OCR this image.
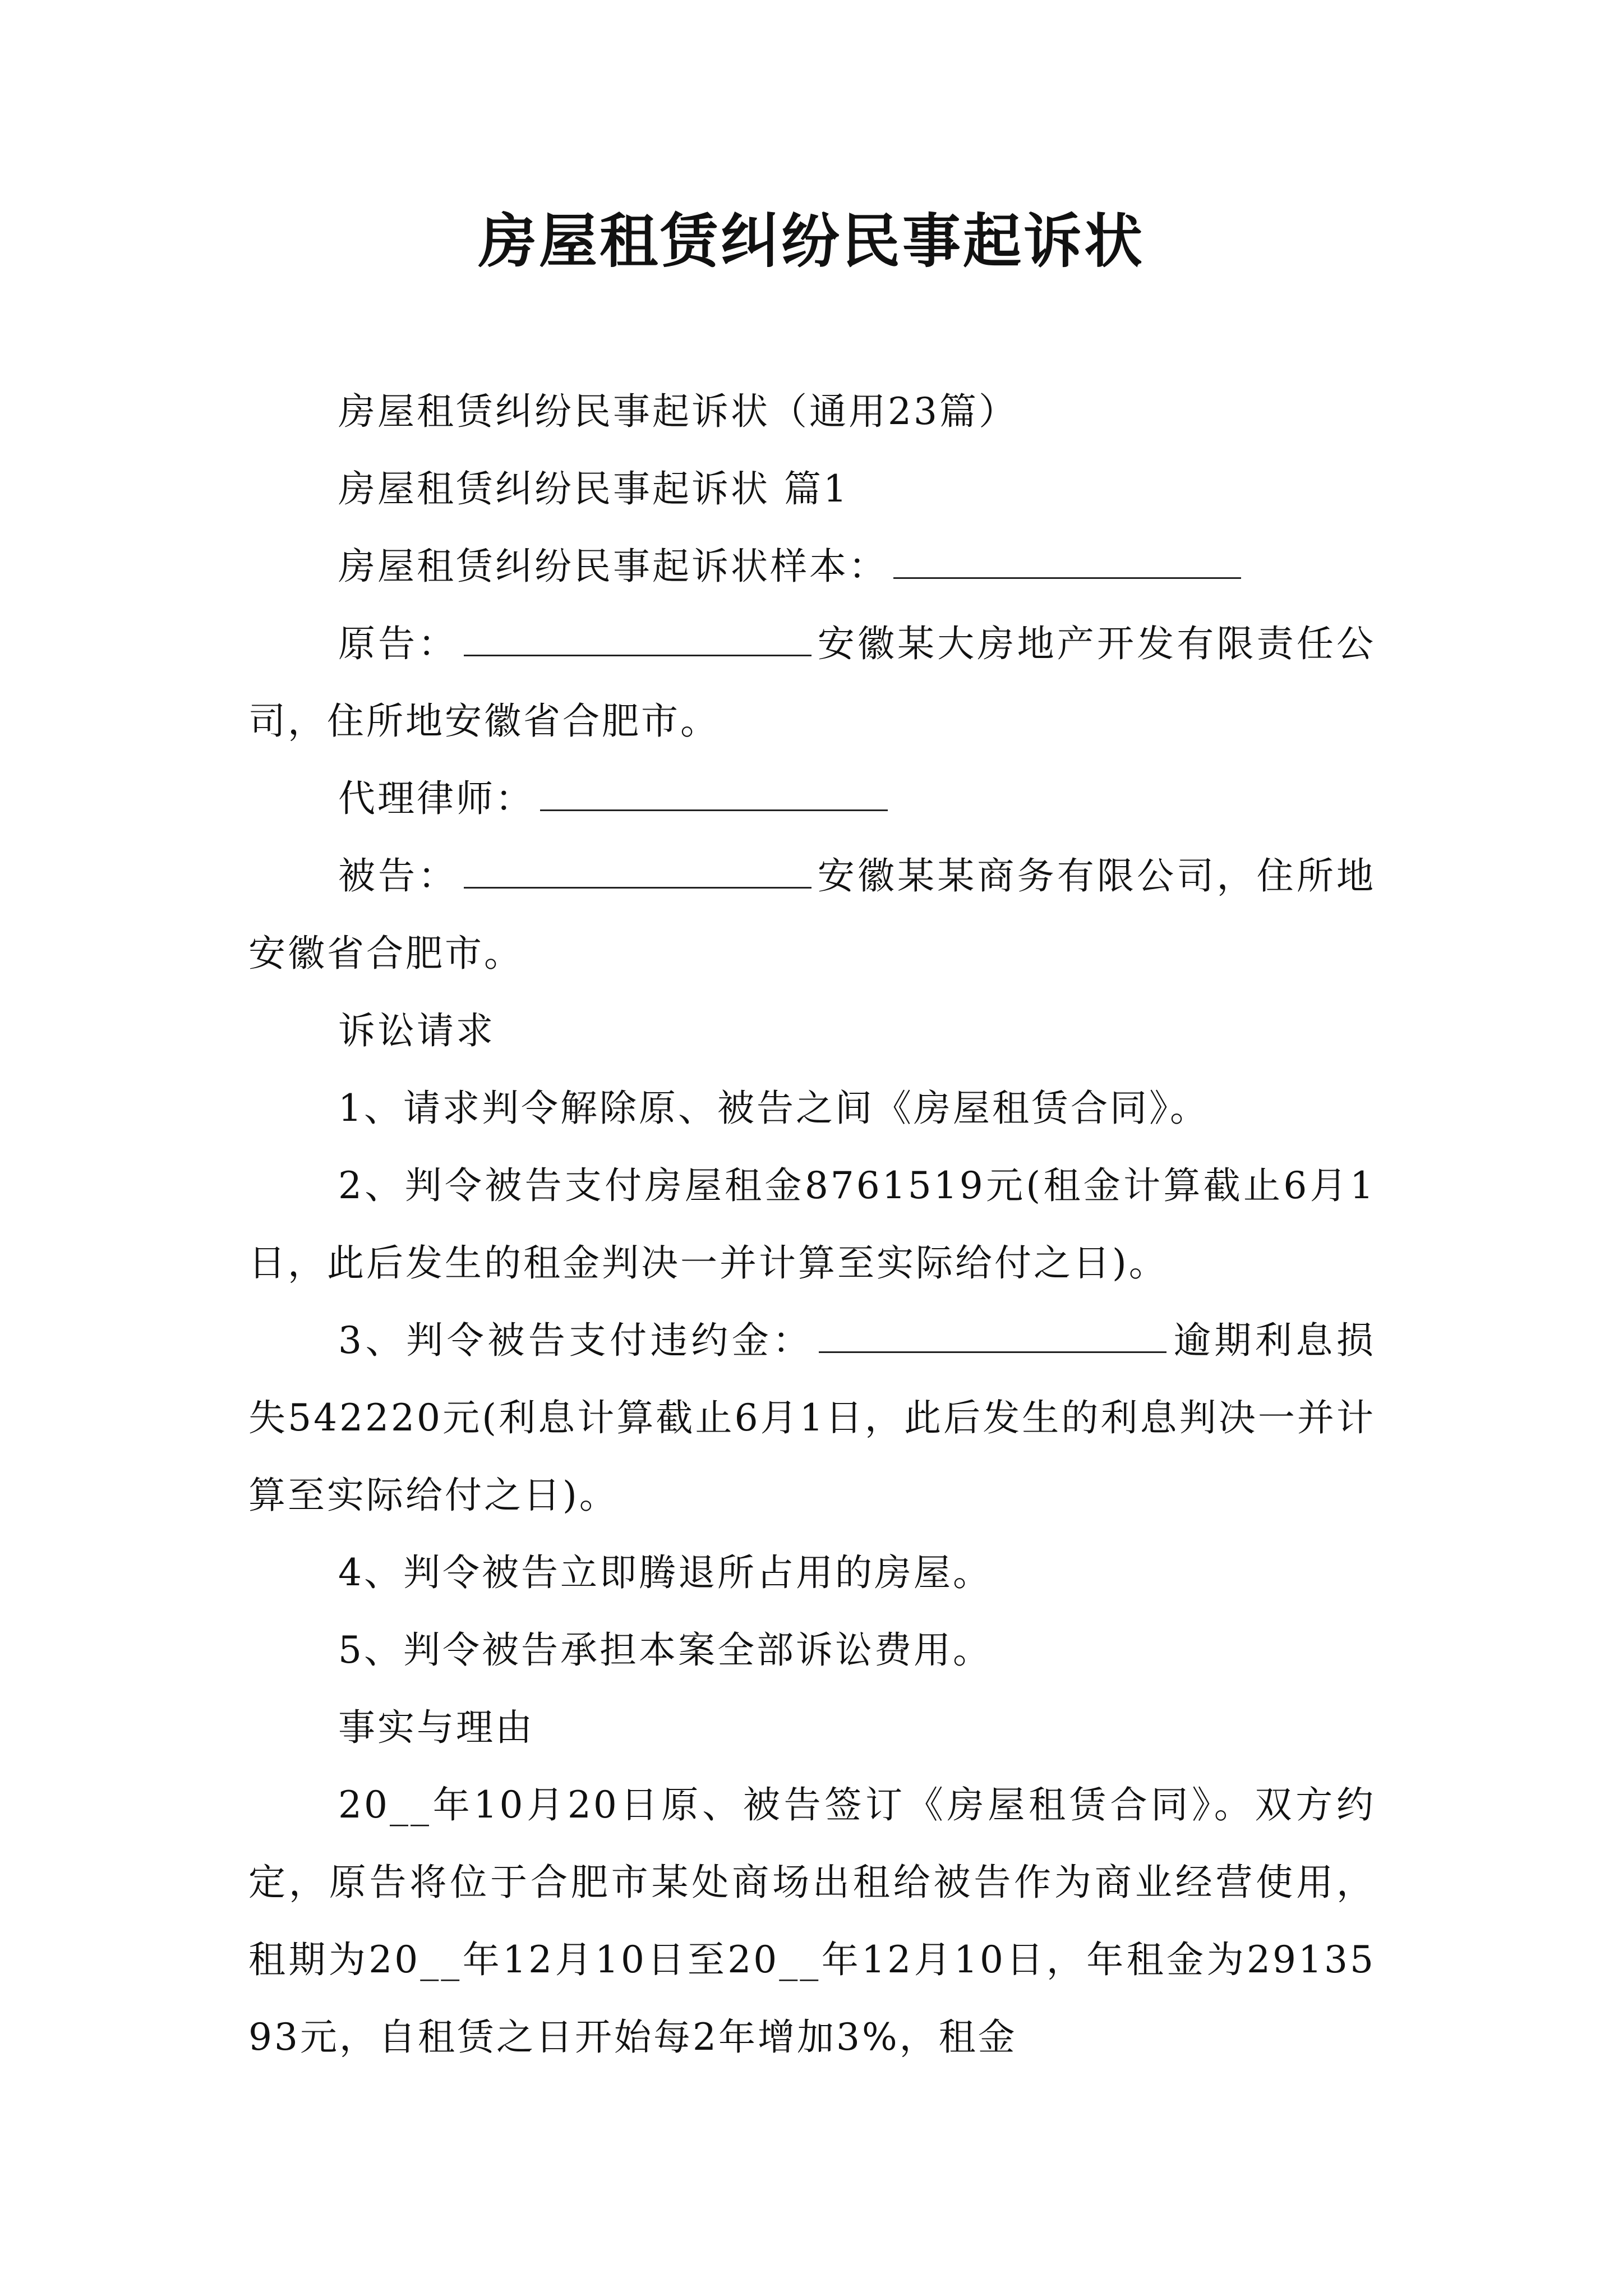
房屋租赁纠纷民事起诉状

房屋租赁纠纷民事起诉状（通用23篇）

房屋租赁纠纷民事起诉状 篇1

房屋租赁纠纷民事起诉状样本：

原告：	安徽某大房地产开发有限责任公司，住所地安徽省合肥市。

代理律师：

被告：	安徽某某商务有限公司，住所地安徽省合肥市。

诉讼请求

1、请求判令解除原、被告之间《房屋租赁合同》。

2、判令被告支付房屋租金8761519元(租金计算截止6月1日，此后发生的租金判决一并计算至实际给付之日)。

3、判令被告支付违约金：	逾期利息损失542220元(利息计算截止6月1日，此后发生的利息判决一并计算至实际给付之日)。

4、判令被告立即腾退所占用的房屋。

5、判令被告承担本案全部诉讼费用。

事实与理由

20__年10月20日原、被告签订《房屋租赁合同》。双方约定，原告将位于合肥市某处商场出租给被告作为商业经营使用，租期为20__年12月10日至20__年12月10日，年租金为2913593元，自租赁之日开始每2年增加3%，租金
